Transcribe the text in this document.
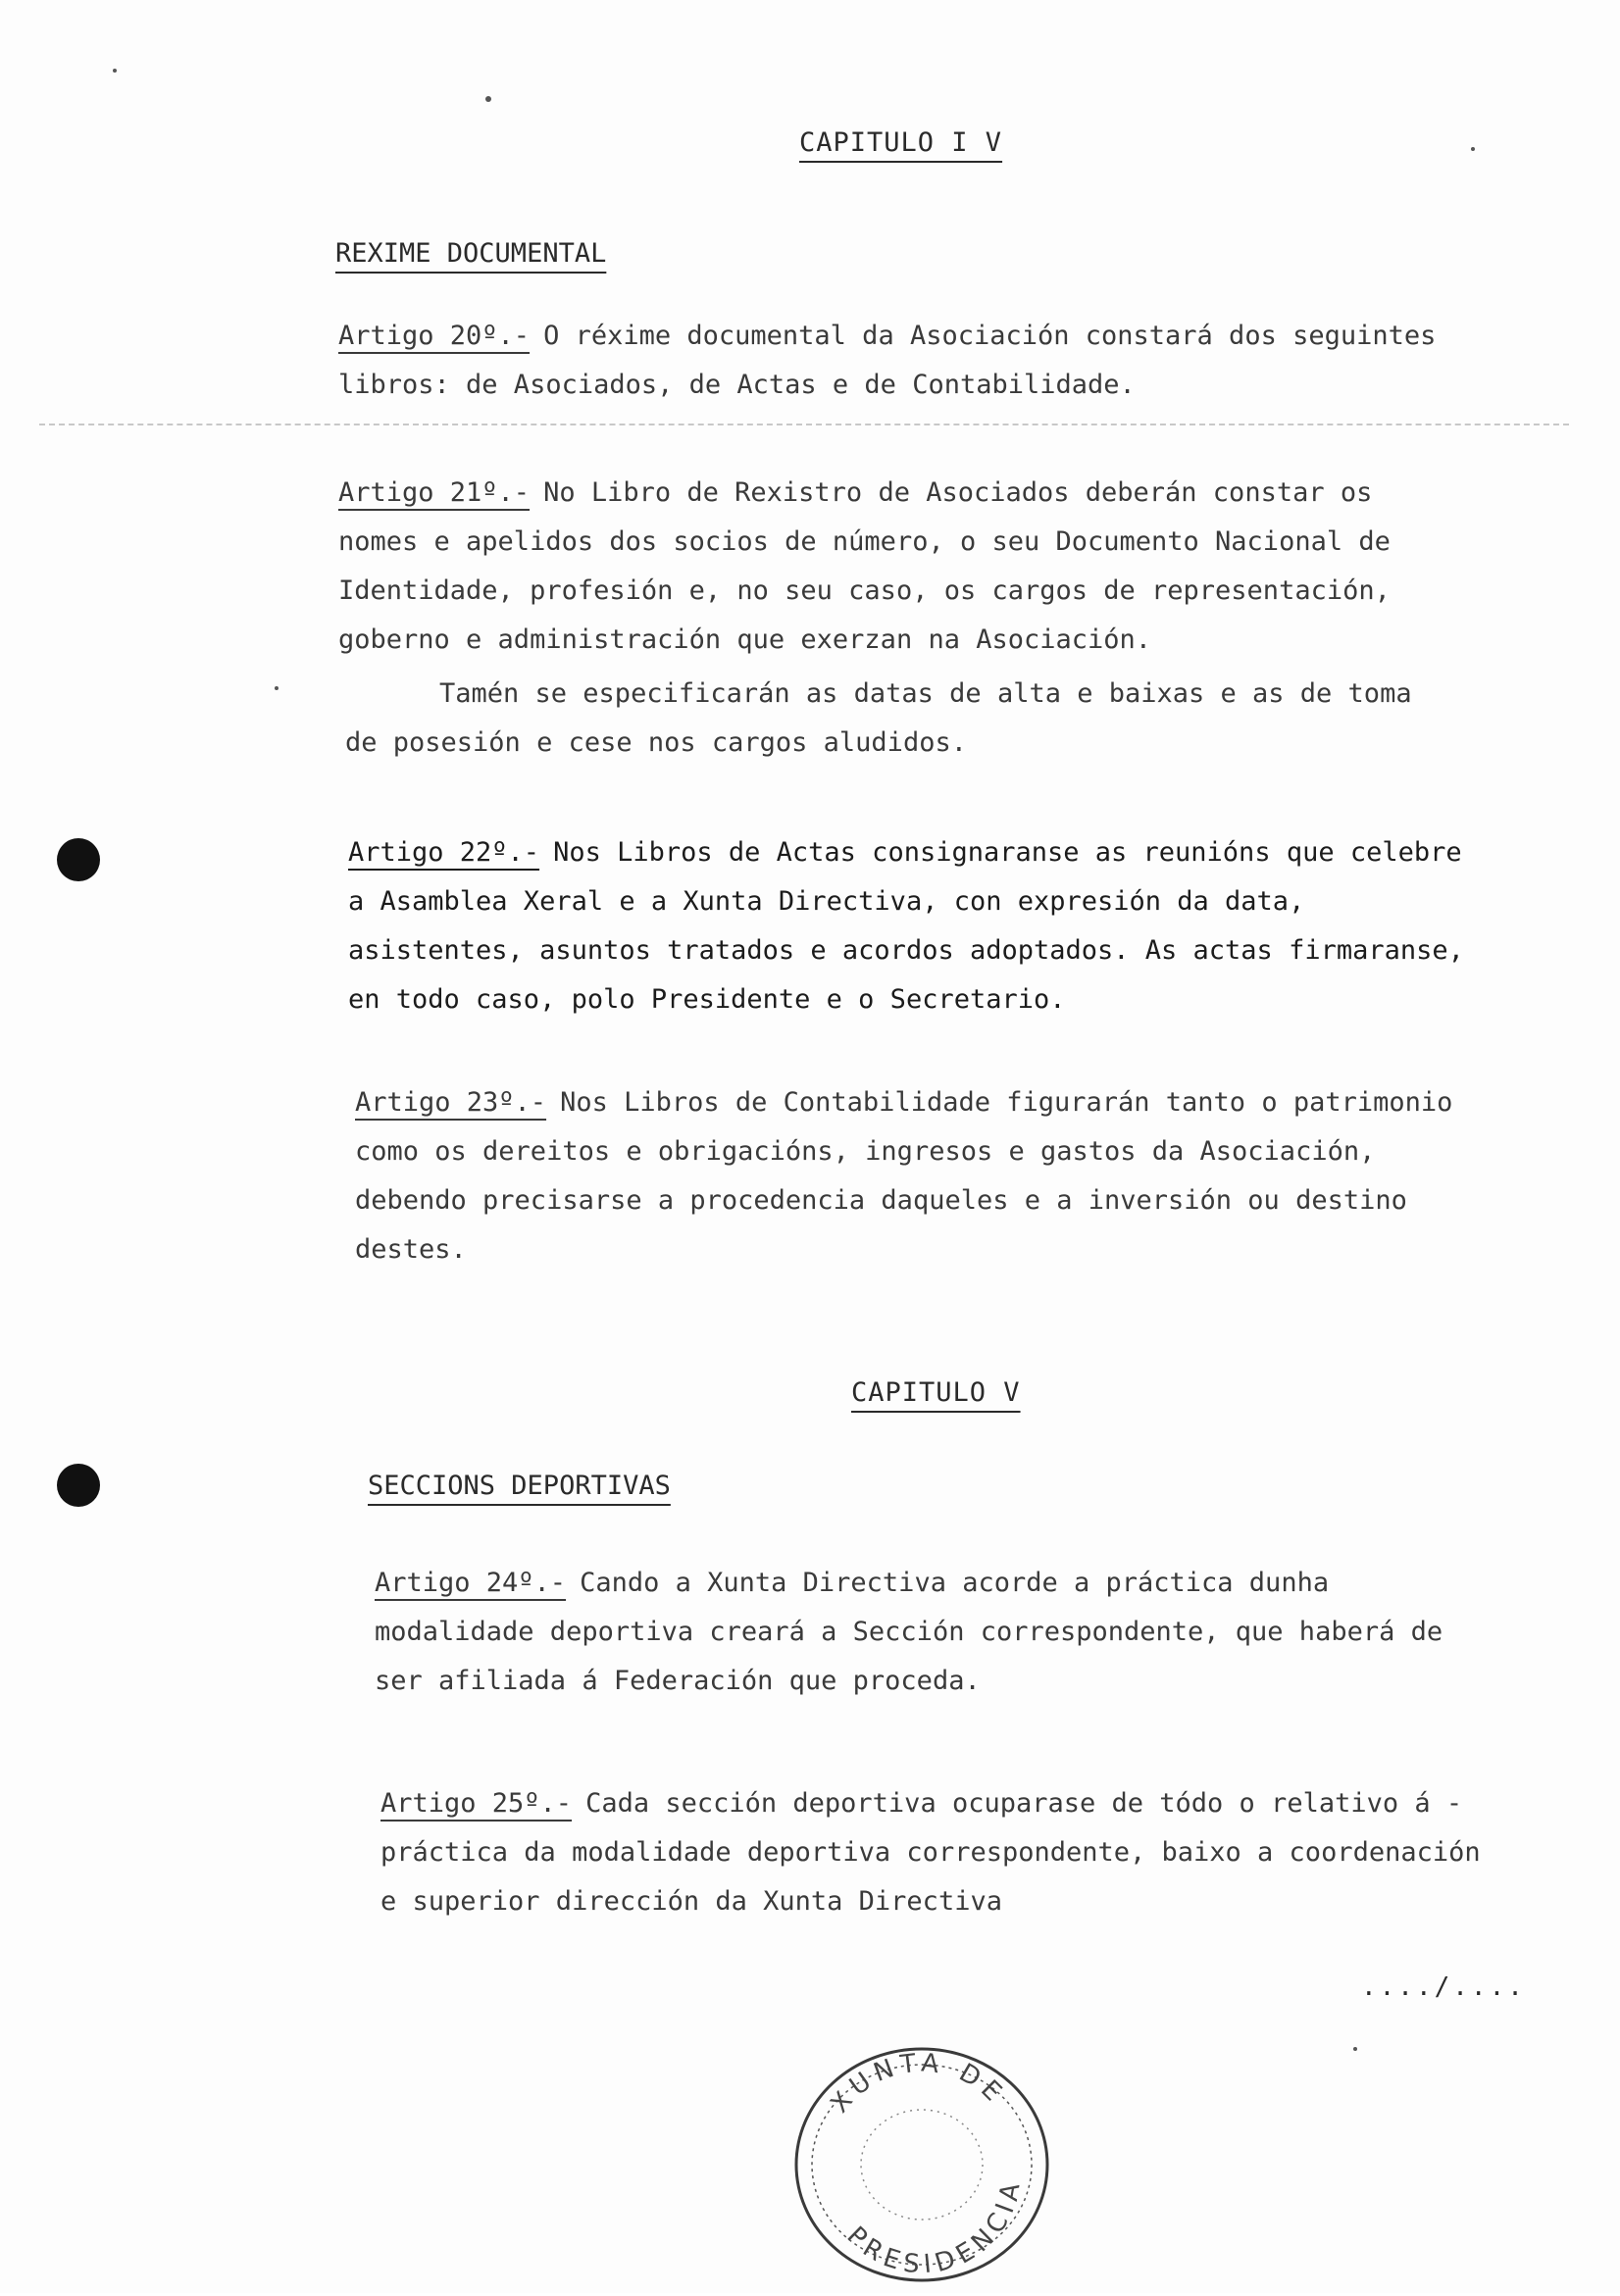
CAPITULO I V
REXIME DOCUMENTAL

Artigo 20º.- O réxime documental da Asociación constará dos seguintes libros: de Asociados, de Actas e de Contabilidade.

Artigo 21º.- No Libro de Rexistro de Asociados deberán constar os nomes e apelidos dos socios de número, o seu Documento Nacional de Identidade, profesión e, no seu caso, os cargos de representación, goberno e administración que exerzan na Asociación.

Tamén se especificarán as datas de alta e baixas e as de toma de posesión e cese nos cargos aludidos.

Artigo 22º.- Nos Libros de Actas consignaranse as reunións que celebre a Asamblea Xeral e a Xunta Directiva, con expresión da data, asistentes, asuntos tratados e acordos adoptados. As actas firmaranse, en todo caso, polo Presidente e o Secretario.

Artigo 23º.- Nos Libros de Contabilidade figurarán tanto o patrimonio como os dereitos e obrigacións, ingresos e gastos da Asociación, debendo precisarse a procedencia daqueles e a inversión ou destino destes.

CAPITULO V
SECCIONS DEPORTIVAS

Artigo 24º.- Cando a Xunta Directiva acorde a práctica dunha modalidade deportiva creará a Sección correspondente, que haberá de ser afiliada á Federación que proceda.

Artigo 25º.- Cada sección deportiva ocuparase de tódo o relativo á - práctica da modalidade deportiva correspondente, baixo a coordenación e superior dirección da Xunta Directiva

..../....
XUNTA DE
PRESIDENCIA
